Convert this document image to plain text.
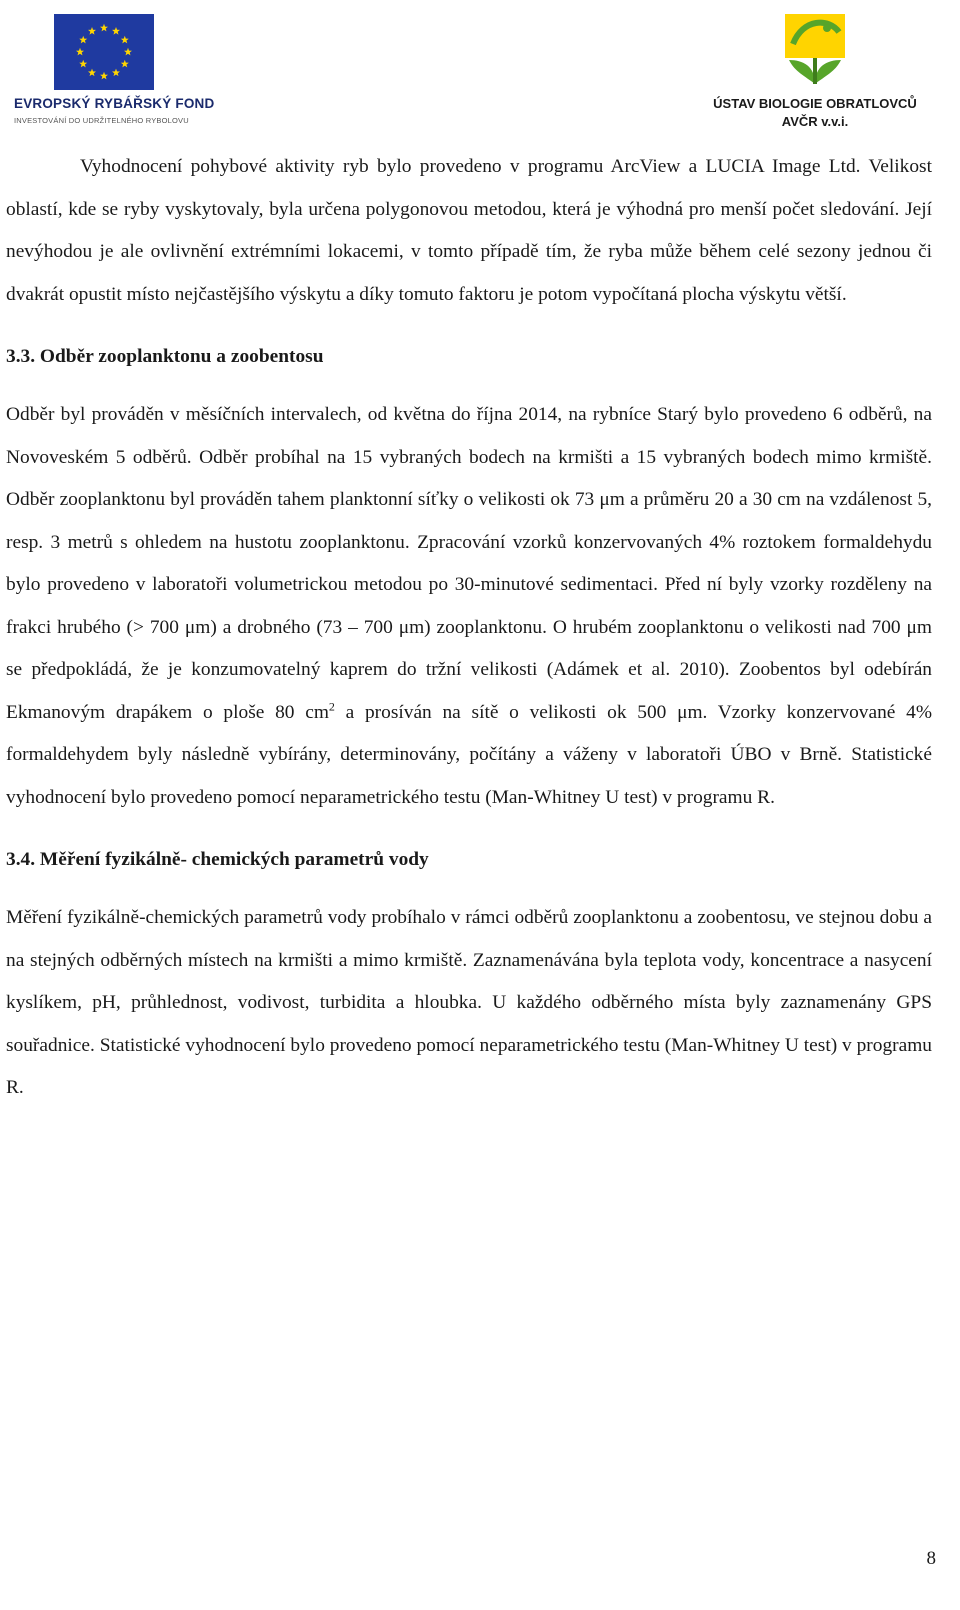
EVROPSKÝ RYBÁŘSKÝ FOND
INVESTOVÁNÍ DO UDRŽITELNÉHO RYBOLOVU
ÚSTAV BIOLOGIE OBRATLOVCŮ
AVČR v.v.i.

Vyhodnocení pohybové aktivity ryb bylo provedeno v programu ArcView a LUCIA Image Ltd. Velikost oblastí, kde se ryby vyskytovaly, byla určena polygonovou metodou, která je výhodná pro menší počet sledování. Její nevýhodou je ale ovlivnění extrémními lokacemi, v tomto případě tím, že ryba může během celé sezony jednou či dvakrát opustit místo nejčastějšího výskytu a díky tomuto faktoru je potom vypočítaná plocha výskytu větší.

3.3. Odběr zooplanktonu a zoobentosu

Odběr byl prováděn v měsíčních intervalech, od května do října 2014, na rybníce Starý bylo provedeno 6 odběrů, na Novoveském 5 odběrů. Odběr probíhal na 15 vybraných bodech na krmišti a 15 vybraných bodech mimo krmiště. Odběr zooplanktonu byl prováděn tahem planktonní síťky o velikosti ok 73 μm a průměru 20 a 30 cm na vzdálenost 5, resp. 3 metrů s ohledem na hustotu zooplanktonu. Zpracování vzorků konzervovaných 4% roztokem formaldehydu bylo provedeno v laboratoři volumetrickou metodou po 30-minutové sedimentaci. Před ní byly vzorky rozděleny na frakci hrubého (> 700 μm) a drobného (73 – 700 μm) zooplanktonu. O hrubém zooplanktonu o velikosti nad 700 μm se předpokládá, že je konzumovatelný kaprem do tržní velikosti (Adámek et al. 2010). Zoobentos byl odebírán Ekmanovým drapákem o ploše 80 $cm^2$ a prosíván na sítě o velikosti ok 500 μm. Vzorky konzervované 4% formaldehydem byly následně vybírány, determinovány, počítány a váženy v laboratoři ÚBO v Brně. Statistické vyhodnocení bylo provedeno pomocí neparametrického testu (Man-Whitney U test) v programu R.

3.4. Měření fyzikálně- chemických parametrů vody

Měření fyzikálně-chemických parametrů vody probíhalo v rámci odběrů zooplanktonu a zoobentosu, ve stejnou dobu a na stejných odběrných místech na krmišti a mimo krmiště. Zaznamenávána byla teplota vody, koncentrace a nasycení kyslíkem, pH, průhlednost, vodivost, turbidita a hloubka. U každého odběrného místa byly zaznamenány GPS souřadnice. Statistické vyhodnocení bylo provedeno pomocí neparametrického testu (Man-Whitney U test) v programu R.

8
